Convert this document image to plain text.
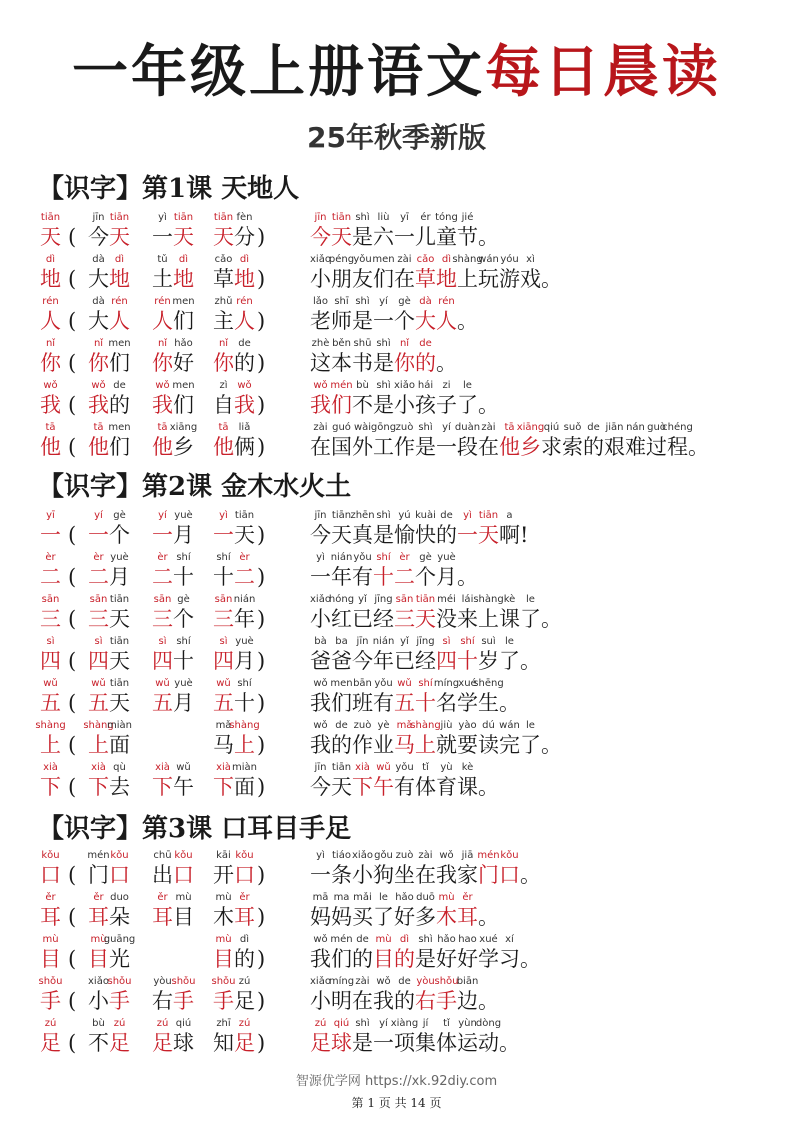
一年级上册语文每日晨读
25年秋季新版
【识字】第1课 天地人
天
tiān
( 今
jīn
天
tiān
一
yì
天
tiān
天
tiān
分
fèn
) 今
jīn
天
tiān
是
shì
六
liù
一
yī
儿
ér
童
tóng
节
jié
。
地
dì
( 大
dà
地
dì
土
tǔ
地
dì
草
cǎo
地
dì
) 小
xiǎo
朋
péng
友
yǒu
们
men
在
zài
草
cǎo
地
dì
上
shàng
玩
wán
游
yóu
戏
xì
。
人
rén
( 大
dà
人
rén
人
rén
们
men
主
zhǔ
人
rén
) 老
lǎo
师
shī
是
shì
一
yí
个
gè
大
dà
人
rén
。
你
nǐ
( 你
nǐ
们
men
你
nǐ
好
hǎo
你
nǐ
的
de
) 这
zhè
本
běn
书
shū
是
shì
你
nǐ
的
de
。
我
wǒ
( 我
wǒ
的
de
我
wǒ
们
men
自
zì
我
wǒ
) 我
wǒ
们
mén
不
bù
是
shì
小
xiǎo
孩
hái
子
zi
了
le
。
他
tā
( 他
tā
们
men
他
tā
乡
xiāng
他
tā
俩
liǎ
) 在
zài
国
guó
外
wài
工
gōng
作
zuò
是
shì
一
yí
段
duàn
在
zài
他
tā
乡
xiāng
求
qiú
索
suǒ
的
de
艰
jiān
难
nán
过
guò
程
chéng
。
【识字】第2课 金木水火土
一
yī
( 一
yí
个
gè
一
yí
月
yuè
一
yì
天
tiān
) 今
jīn
天
tiān
真
zhēn
是
shì
愉
yú
快
kuài
的
de
一
yì
天
tiān
啊
a
!
二
èr
( 二
èr
月
yuè
二
èr
十
shí
十
shí
二
èr
) 一
yì
年
nián
有
yǒu
十
shí
二
èr
个
gè
月
yuè
。
三
sān
( 三
sān
天
tiān
三
sān
个
gè
三
sān
年
nián
) 小
xiǎo
红
hóng
已
yǐ
经
jīng
三
sān
天
tiān
没
méi
来
lái
上
shàng
课
kè
了
le
。
四
sì
( 四
sì
天
tiān
四
sì
十
shí
四
sì
月
yuè
) 爸
bà
爸
ba
今
jīn
年
nián
已
yǐ
经
jīng
四
sì
十
shí
岁
suì
了
le
。
五
wǔ
( 五
wǔ
天
tiān
五
wǔ
月
yuè
五
wǔ
十
shí
) 我
wǒ
们
men
班
bān
有
yǒu
五
wǔ
十
shí
名
míng
学
xué
生
shēng
。
上
shàng
( 上
shàng
面
miàn
马
mǎ
上
shàng
) 我
wǒ
的
de
作
zuò
业
yè
马
mǎ
上
shàng
就
jiù
要
yào
读
dú
完
wán
了
le
。
下
xià
( 下
xià
去
qù
下
xià
午
wǔ
下
xià
面
miàn
) 今
jīn
天
tiān
下
xià
午
wǔ
有
yǒu
体
tǐ
育
yù
课
kè
。
【识字】第3课 口耳目手足
口
kǒu
( 门
mén
口
kǒu
出
chū
口
kǒu
开
kāi
口
kǒu
) 一
yì
条
tiáo
小
xiǎo
狗
gǒu
坐
zuò
在
zài
我
wǒ
家
jiā
门
mén
口
kǒu
。
耳
ěr
( 耳
ěr
朵
duo
耳
ěr
目
mù
木
mù
耳
ěr
) 妈
mā
妈
ma
买
mǎi
了
le
好
hǎo
多
duō
木
mù
耳
ěr
。
目
mù
( 目
mù
光
guāng
目
mù
的
dì
) 我
wǒ
们
mén
的
de
目
mù
的
dì
是
shì
好
hǎo
好
hao
学
xué
习
xí
。
手
shǒu
( 小
xiǎo
手
shǒu
右
yòu
手
shǒu
手
shǒu
足
zú
) 小
xiǎo
明
míng
在
zài
我
wǒ
的
de
右
yòu
手
shǒu
边
biān
。
足
zú
( 不
bù
足
zú
足
zú
球
qiú
知
zhī
足
zú
) 足
zú
球
qiú
是
shì
一
yí
项
xiàng
集
jí
体
tǐ
运
yùn
动
dòng
。
智源优学网 https://xk.92diy.com
第 1 页 共 14 页
